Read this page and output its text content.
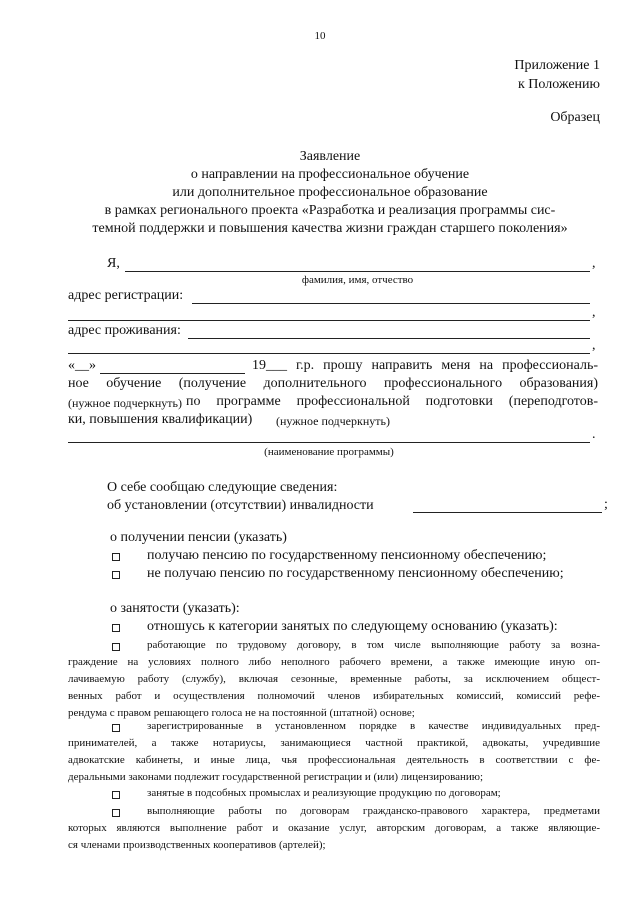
10
Приложение 1
к Положению
Образец
Заявление
о направлении на профессиональное обучение
или дополнительное профессиональное образование
в рамках регионального проекта «Разработка и реализация программы сис-
темной поддержки и повышения качества жизни граждан старшего поколения»
Я,	,
фамилия, имя, отчество
адрес регистрации:
,
адрес проживания:
,
«__»	19___ г.р. прошу направить меня на профессиональ-
ное обучение (получение дополнительного профессионального образования)
(нужное подчеркнуть) по программе профессиональной подготовки (переподготов-
ки, повышения квалификации) (нужное подчеркнуть)
.
(наименование программы)
О себе сообщаю следующие сведения:
об установлении (отсутствии) инвалидности	;
о получении пенсии (указать)
получаю пенсию по государственному пенсионному обеспечению;
не получаю пенсию по государственному пенсионному обеспечению;
о занятости (указать):
отношусь к категории занятых по следующему основанию (указать):
работающие по трудовому договору, в том числе выполняющие работу за возна-
граждение на условиях полного либо неполного рабочего времени, а также имеющие иную оп-
лачиваемую работу (службу), включая сезонные, временные работы, за исключением общест-
венных работ и осуществления полномочий членов избирательных комиссий, комиссий рефе-
рендума с правом решающего голоса не на постоянной (штатной) основе;
зарегистрированные в установленном порядке в качестве индивидуальных пред-
принимателей, а также нотариусы, занимающиеся частной практикой, адвокаты, учредившие
адвокатские кабинеты, и иные лица, чья профессиональная деятельность в соответствии с фе-
деральными законами подлежит государственной регистрации и (или) лицензированию;
занятые в подсобных промыслах и реализующие продукцию по договорам;
выполняющие работы по договорам гражданско-правового характера, предметами
которых являются выполнение работ и оказание услуг, авторским договорам, а также являющие-
ся членами производственных кооперативов (артелей);
